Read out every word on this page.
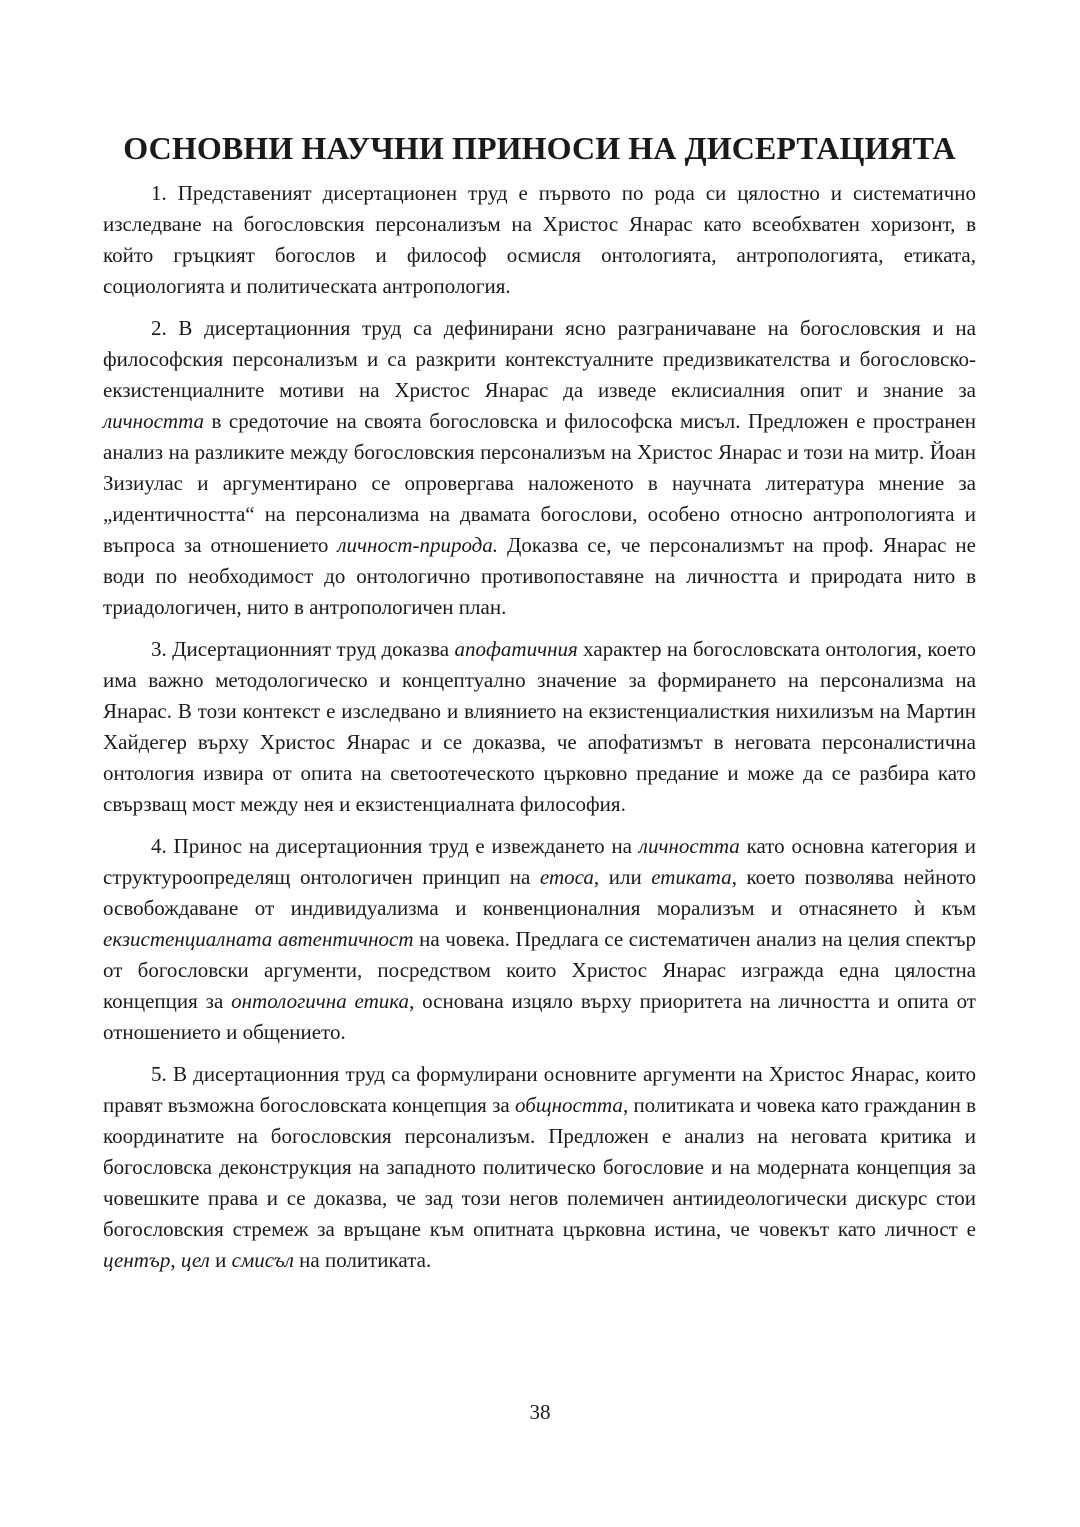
ОСНОВНИ НАУЧНИ ПРИНОСИ НА ДИСЕРТАЦИЯТА

1. Представеният дисертационен труд е първото по рода си цялостно и систематично изследване на богословския персонализъм на Христос Янарас като всеобхватен хоризонт, в който гръцкият богослов и философ осмисля онтологията, антропологията, етиката, социологията и политическата антропология.

2. В дисертационния труд са дефинирани ясно разграничаване на богословския и на философския персонализъм и са разкрити контекстуалните предизвикателства и богословско-екзистенциалните мотиви на Христос Янарас да изведе еклисиалния опит и знание за личността в средоточие на своята богословска и философска мисъл. Предложен е пространен анализ на разликите между богословския персонализъм на Христос Янарас и този на митр. Йоан Зизиулас и аргументирано се опровергава наложеното в научната литература мнение за „идентичността“ на персонализма на двамата богослови, особено относно антропологията и въпроса за отношението личност-природа. Доказва се, че персонализмът на проф. Янарас не води по необходимост до онтологично противопоставяне на личността и природата нито в триадологичен, нито в антропологичен план.

3. Дисертационният труд доказва апофатичния характер на богословската онтология, което има важно методологическо и концептуално значение за формирането на персонализма на Янарас. В този контекст е изследвано и влиянието на екзистенциалисткия нихилизъм на Мартин Хайдегер върху Христос Янарас и се доказва, че апофатизмът в неговата персоналистична онтология извира от опита на светоотеческото църковно предание и може да се разбира като свързващ мост между нея и екзистенциалната философия.

4. Принос на дисертационния труд е извеждането на личността като основна категория и структуроопределящ онтологичен принцип на етоса, или етиката, което позволява нейното освобождаване от индивидуализма и конвенционалния морализъм и отнасянето ѝ към екзистенциалната автентичност на човека. Предлага се систематичен анализ на целия спектър от богословски аргументи, посредством които Христос Янарас изгражда една цялостна концепция за онтологична етика, основана изцяло върху приоритета на личността и опита от отношението и общението.

5. В дисертационния труд са формулирани основните аргументи на Христос Янарас, които правят възможна богословската концепция за общността, политиката и човека като гражданин в координатите на богословския персонализъм. Предложен е анализ на неговата критика и богословска деконструкция на западното политическо богословие и на модерната концепция за човешките права и се доказва, че зад този негов полемичен антиидеологически дискурс стои богословския стремеж за връщане към опитната църковна истина, че човекът като личност е център, цел и смисъл на политиката.

38
